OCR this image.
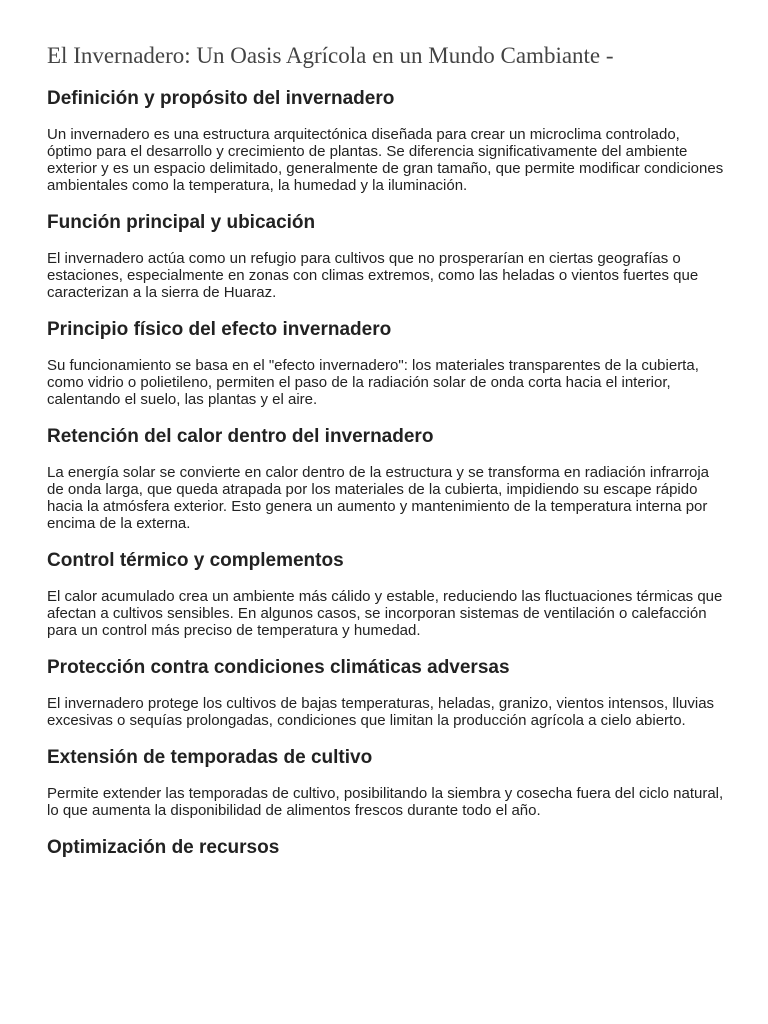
El Invernadero: Un Oasis Agrícola en un Mundo Cambiante -
Definición y propósito del invernadero

Un invernadero es una estructura arquitectónica diseñada para crear un microclima controlado, óptimo para el desarrollo y crecimiento de plantas. Se diferencia significativamente del ambiente exterior y es un espacio delimitado, generalmente de gran tamaño, que permite modificar condiciones ambientales como la temperatura, la humedad y la iluminación.

Función principal y ubicación

El invernadero actúa como un refugio para cultivos que no prosperarían en ciertas geografías o estaciones, especialmente en zonas con climas extremos, como las heladas o vientos fuertes que caracterizan a la sierra de Huaraz.

Principio físico del efecto invernadero

Su funcionamiento se basa en el "efecto invernadero": los materiales transparentes de la cubierta, como vidrio o polietileno, permiten el paso de la radiación solar de onda corta hacia el interior, calentando el suelo, las plantas y el aire.

Retención del calor dentro del invernadero

La energía solar se convierte en calor dentro de la estructura y se transforma en radiación infrarroja de onda larga, que queda atrapada por los materiales de la cubierta, impidiendo su escape rápido hacia la atmósfera exterior. Esto genera un aumento y mantenimiento de la temperatura interna por encima de la externa.

Control térmico y complementos

El calor acumulado crea un ambiente más cálido y estable, reduciendo las fluctuaciones térmicas que afectan a cultivos sensibles. En algunos casos, se incorporan sistemas de ventilación o calefacción para un control más preciso de temperatura y humedad.

Protección contra condiciones climáticas adversas

El invernadero protege los cultivos de bajas temperaturas, heladas, granizo, vientos intensos, lluvias excesivas o sequías prolongadas, condiciones que limitan la producción agrícola a cielo abierto.

Extensión de temporadas de cultivo

Permite extender las temporadas de cultivo, posibilitando la siembra y cosecha fuera del ciclo natural, lo que aumenta la disponibilidad de alimentos frescos durante todo el año.

Optimización de recursos
